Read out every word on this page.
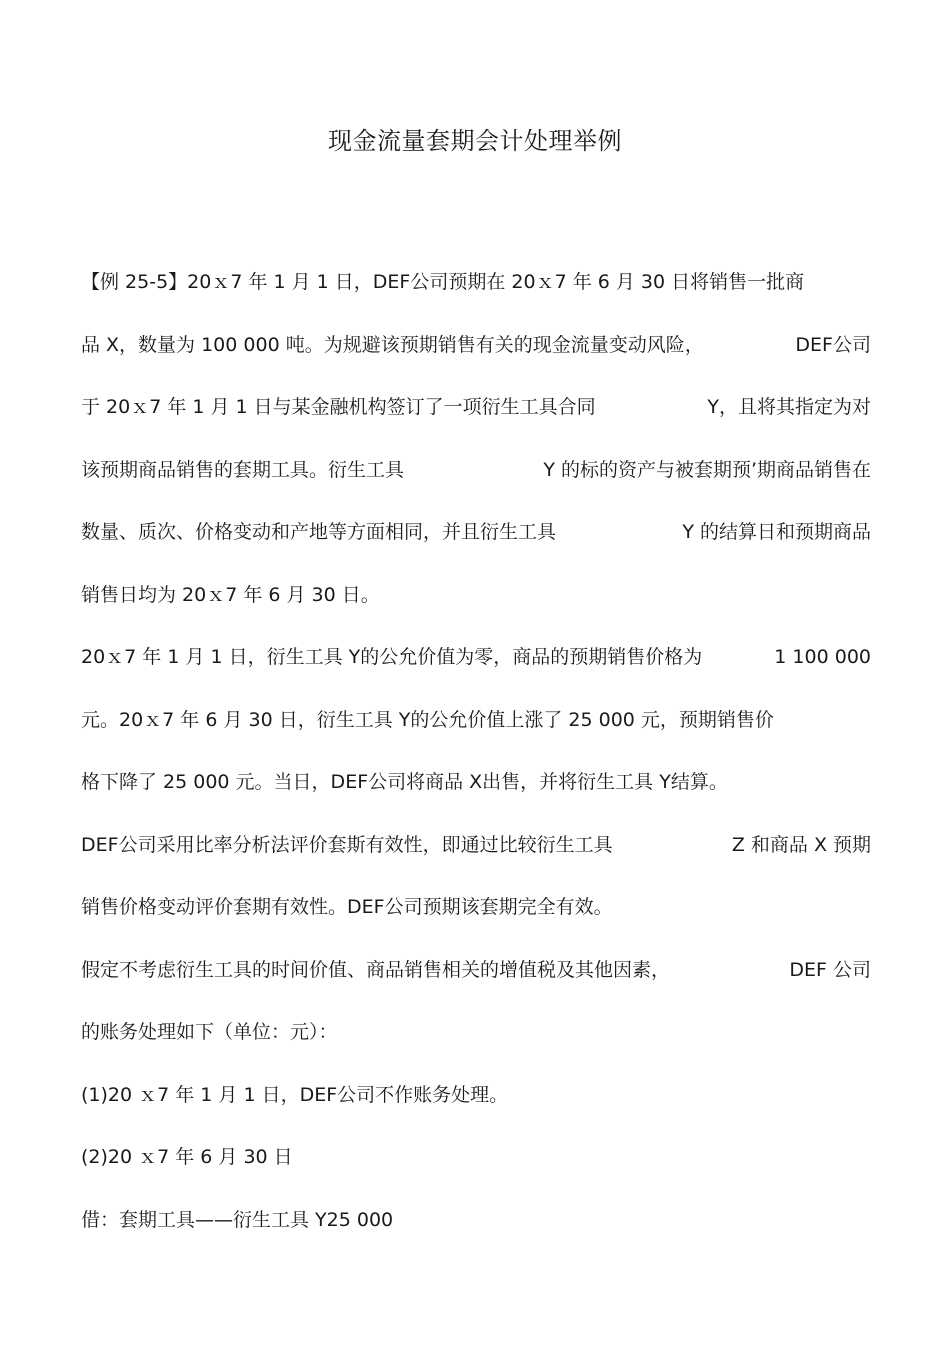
现金流量套期会计处理举例
【例 25-5】20ｘ7 年 1 月 1 日，DEF公司预期在 20ｘ7 年 6 月 30 日将销售一批商
品 X，数量为 100 000 吨。为规避该预期销售有关的现金流量变动风险，	DEF公司
于 20ｘ7 年 1 月 1 日与某金融机构签订了一项衍生工具合同	Y，且将其指定为对
该预期商品销售的套期工具。衍生工具	Y 的标的资产与被套期预’期商品销售在
数量、质次、价格变动和产地等方面相同，并且衍生工具	Y 的结算日和预期商品
销售日均为 20ｘ7 年 6 月 30 日。
20ｘ7 年 1 月 1 日，衍生工具 Y的公允价值为零，商品的预期销售价格为	1 100 000
元。20ｘ7 年 6 月 30 日，衍生工具 Y的公允价值上涨了 25 000 元，预期销售价
格下降了 25 000 元。当日，DEF公司将商品 X出售，并将衍生工具 Y结算。
DEF公司采用比率分析法评价套斯有效性，即通过比较衍生工具	Z 和商品 X 预期
销售价格变动评价套期有效性。DEF公司预期该套期完全有效。
假定不考虑衍生工具的时间价值、商品销售相关的增值税及其他因素，	DEF 公司
的账务处理如下（单位：元）：
(1)20 ｘ7 年 1 月 1 日，DEF公司不作账务处理。
(2)20 ｘ7 年 6 月 30 日
借：套期工具——衍生工具 Y25 000
